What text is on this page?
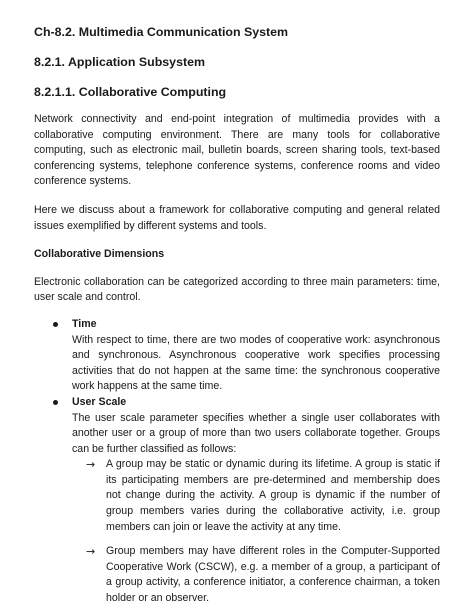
Ch-8.2. Multimedia Communication System
8.2.1. Application Subsystem
8.2.1.1. Collaborative Computing

Network connectivity and end-point integration of multimedia provides with a collaborative computing environment. There are many tools for collaborative computing, such as electronic mail, bulletin boards, screen sharing tools, text-based conferencing systems, telephone conference systems, conference rooms and video conference systems.

Here we discuss about a framework for collaborative computing and general related issues exemplified by different systems and tools.

Collaborative Dimensions

Electronic collaboration can be categorized according to three main parameters: time, user scale and control.

Time

With respect to time, there are two modes of cooperative work: asynchronous and synchronous. Asynchronous cooperative work specifies processing activities that do not happen at the same time: the synchronous cooperative work happens at the same time.

User Scale

The user scale parameter specifies whether a single user collaborates with another user or a group of more than two users collaborate together. Groups can be further classified as follows:

→ A group may be static or dynamic during its lifetime. A group is static if its participating members are pre-determined and membership does not change during the activity. A group is dynamic if the number of group members varies during the collaborative activity, i.e. group members can join or leave the activity at any time.

→ Group members may have different roles in the Computer-Supported Cooperative Work (CSCW), e.g. a member of a group, a participant of a group activity, a conference initiator, a conference chairman, a token holder or an observer.
